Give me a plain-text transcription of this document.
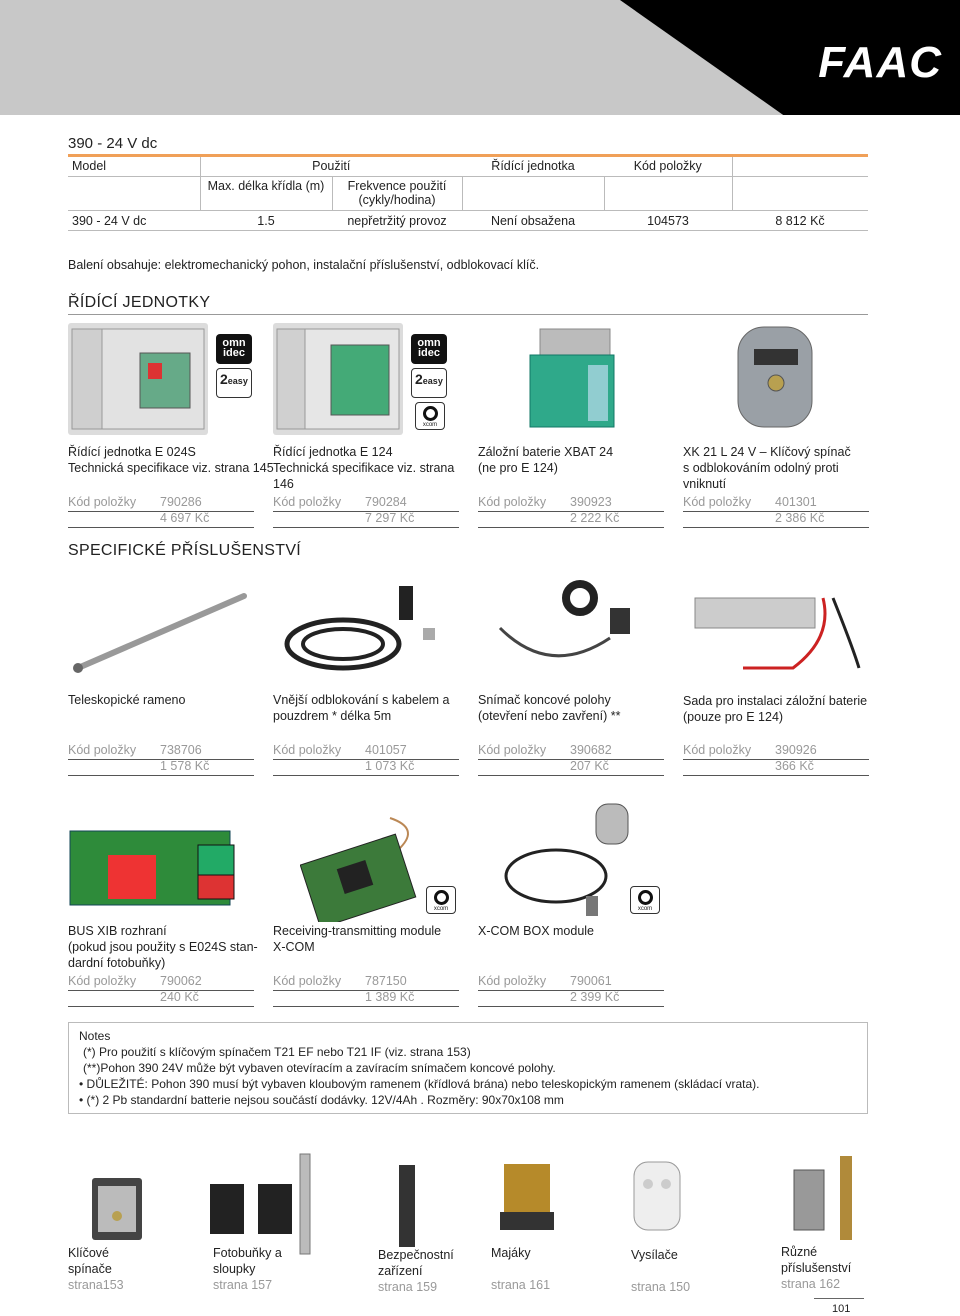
FAAC
390 - 24 V dc
Model	Použití		Řídící jednotka	Kód položky	
	Max. délka křídla (m)	Frekvence použití
(cykly/hodina)			

390 - 24 V dc	1.5	nepřetržitý provoz	Není obsažena	104573	8 812 Kč
Balení obsahuje: elektromechanický pohon, instalační příslušenství, odblokovací klíč.
ŘÍDÍCÍ JEDNOTKY
omn
idec
2easy
omn
idec
2easy
xcom
Řídící jednotka E 024S
Technická specifikace viz. strana 145
Řídící jednotka E 124
Technická specifikace viz. strana
146
Záložní baterie XBAT 24
(ne pro E 124)
XK 21 L 24 V – Klíčový spínač
s odblokováním odolný proti
vniknutí
Kód položky 790286
4 697 Kč
Kód položky 790284
7 297 Kč
Kód položky 390923
2 222 Kč
Kód položky 401301
2 386 Kč
SPECIFICKÉ PŘÍSLUŠENSTVÍ
Teleskopické rameno	Vnější odblokování s kabelem a
pouzdrem * délka 5m
Snímač koncové polohy
(otevření nebo zavření) **
Sada pro instalaci záložní baterie
(pouze pro E 124)
Kód položky 738706
1 578 Kč
Kód položky 401057
1 073 Kč
Kód položky 390682
207 Kč
Kód položky 390926
366 Kč
xcom	xcom
BUS XIB rozhraní
(pokud jsou použity s E024S stan-
dardní fotobuňky)
Receiving-transmitting module
X-COM
X-COM BOX module
Kód položky 790062
240 Kč
Kód položky 787150
1 389 Kč
Kód položky 790061
2 399 Kč
Notes
(*) Pro použití s klíčovým spínačem T21 EF nebo T21 IF (viz. strana 153)
(**)Pohon 390 24V může být vybaven otevíracím a zavíracím snímačem koncové polohy.
• DŮLEŽITÉ: Pohon 390 musí být vybaven kloubovým ramenem (křídlová brána) nebo teleskopickým ramenem (skládací vrata).
• (*) 2 Pb standardní batterie nejsou součástí dodávky. 12V/4Ah . Rozměry: 90x70x108 mm
Klíčové
spínače
strana153
Fotobuňky a
sloupky
strana 157
Bezpečnostní
zařízení
strana 159
Majáky
strana 161
Vysílače
strana 150
Různé
příslušenství
strana 162
101
